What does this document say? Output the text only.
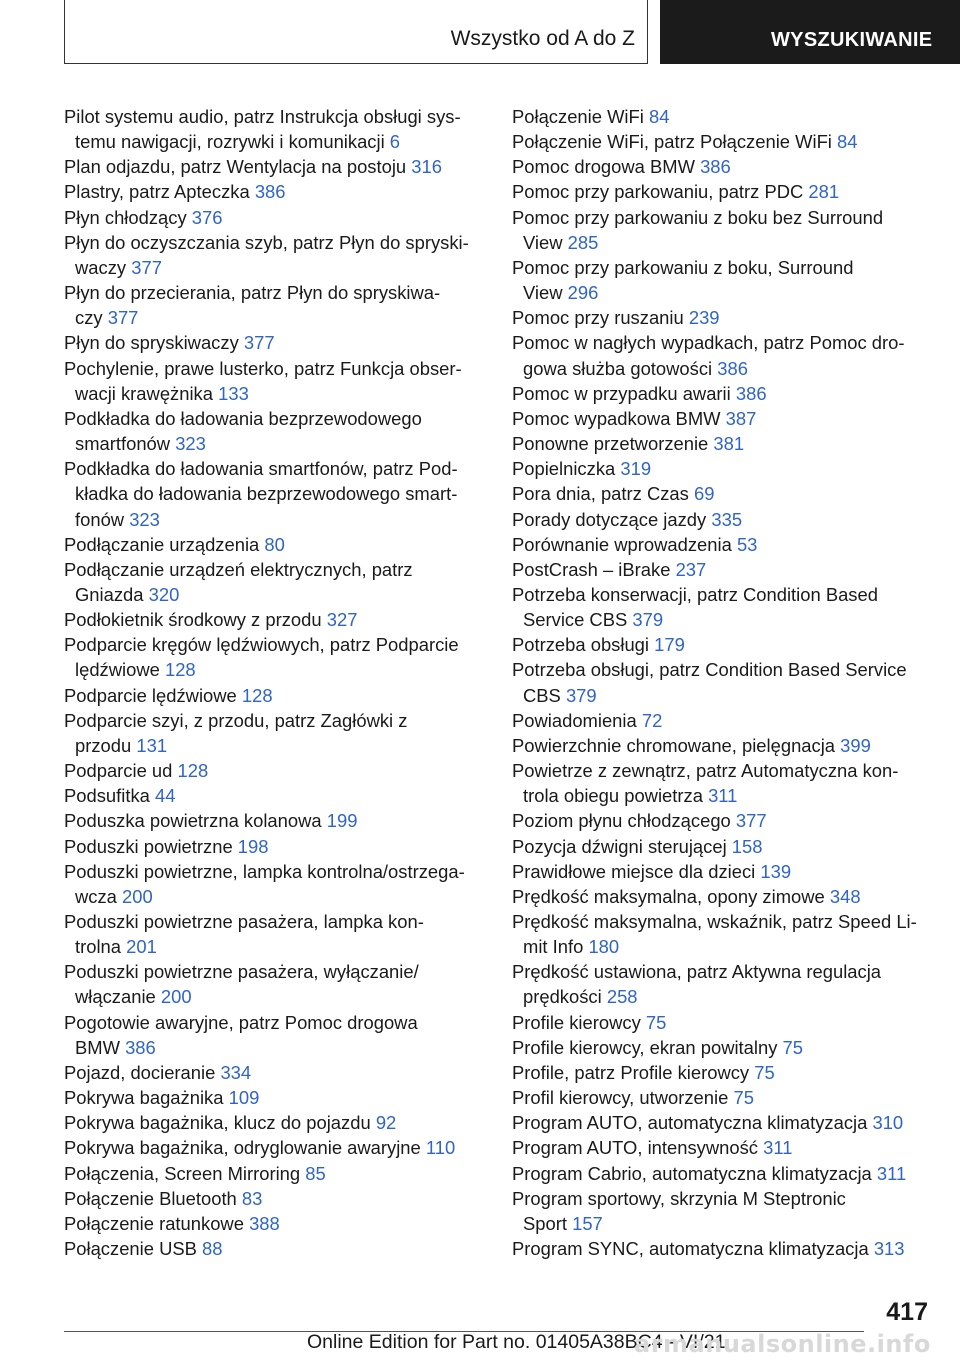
Wszystko od A do Z	WYSZUKIWANIE
Pilot systemu audio, patrz Instrukcja obsługi sys-
temu nawigacji, rozrywki i komunikacji 6
Plan odjazdu, patrz Wentylacja na postoju 316
Plastry, patrz Apteczka 386
Płyn chłodzący 376
Płyn do oczyszczania szyb, patrz Płyn do spryski-
waczy 377
Płyn do przecierania, patrz Płyn do spryskiwa-
czy 377
Płyn do spryskiwaczy 377
Pochylenie, prawe lusterko, patrz Funkcja obser-
wacji krawężnika 133
Podkładka do ładowania bezprzewodowego
smartfonów 323
Podkładka do ładowania smartfonów, patrz Pod-
kładka do ładowania bezprzewodowego smart-
fonów 323
Podłączanie urządzenia 80
Podłączanie urządzeń elektrycznych, patrz
Gniazda 320
Podłokietnik środkowy z przodu 327
Podparcie kręgów lędźwiowych, patrz Podparcie
lędźwiowe 128
Podparcie lędźwiowe 128
Podparcie szyi, z przodu, patrz Zagłówki z
przodu 131
Podparcie ud 128
Podsufitka 44
Poduszka powietrzna kolanowa 199
Poduszki powietrzne 198
Poduszki powietrzne, lampka kontrolna/ostrzega-
wcza 200
Poduszki powietrzne pasażera, lampka kon-
trolna 201
Poduszki powietrzne pasażera, wyłączanie/
włączanie 200
Pogotowie awaryjne, patrz Pomoc drogowa
BMW 386
Pojazd, docieranie 334
Pokrywa bagażnika 109
Pokrywa bagażnika, klucz do pojazdu 92
Pokrywa bagażnika, odryglowanie awaryjne 110
Połączenia, Screen Mirroring 85
Połączenie Bluetooth 83
Połączenie ratunkowe 388
Połączenie USB 88
Połączenie WiFi 84
Połączenie WiFi, patrz Połączenie WiFi 84
Pomoc drogowa BMW 386
Pomoc przy parkowaniu, patrz PDC 281
Pomoc przy parkowaniu z boku bez Surround
View 285
Pomoc przy parkowaniu z boku, Surround
View 296
Pomoc przy ruszaniu 239
Pomoc w nagłych wypadkach, patrz Pomoc dro-
gowa służba gotowości 386
Pomoc w przypadku awarii 386
Pomoc wypadkowa BMW 387
Ponowne przetworzenie 381
Popielniczka 319
Pora dnia, patrz Czas 69
Porady dotyczące jazdy 335
Porównanie wprowadzenia 53
PostCrash – iBrake 237
Potrzeba konserwacji, patrz Condition Based
Service CBS 379
Potrzeba obsługi 179
Potrzeba obsługi, patrz Condition Based Service
CBS 379
Powiadomienia 72
Powierzchnie chromowane, pielęgnacja 399
Powietrze z zewnątrz, patrz Automatyczna kon-
trola obiegu powietrza 311
Poziom płynu chłodzącego 377
Pozycja dźwigni sterującej 158
Prawidłowe miejsce dla dzieci 139
Prędkość maksymalna, opony zimowe 348
Prędkość maksymalna, wskaźnik, patrz Speed Li-
mit Info 180
Prędkość ustawiona, patrz Aktywna regulacja
prędkości 258
Profile kierowcy 75
Profile kierowcy, ekran powitalny 75
Profile, patrz Profile kierowcy 75
Profil kierowcy, utworzenie 75
Program AUTO, automatyczna klimatyzacja 310
Program AUTO, intensywność 311
Program Cabrio, automatyczna klimatyzacja 311
Program sportowy, skrzynia M Steptronic
Sport 157
Program SYNC, automatyczna klimatyzacja 313
417
Online Edition for Part no. 01405A38BC4 - VI/21
armanualsonline.info
